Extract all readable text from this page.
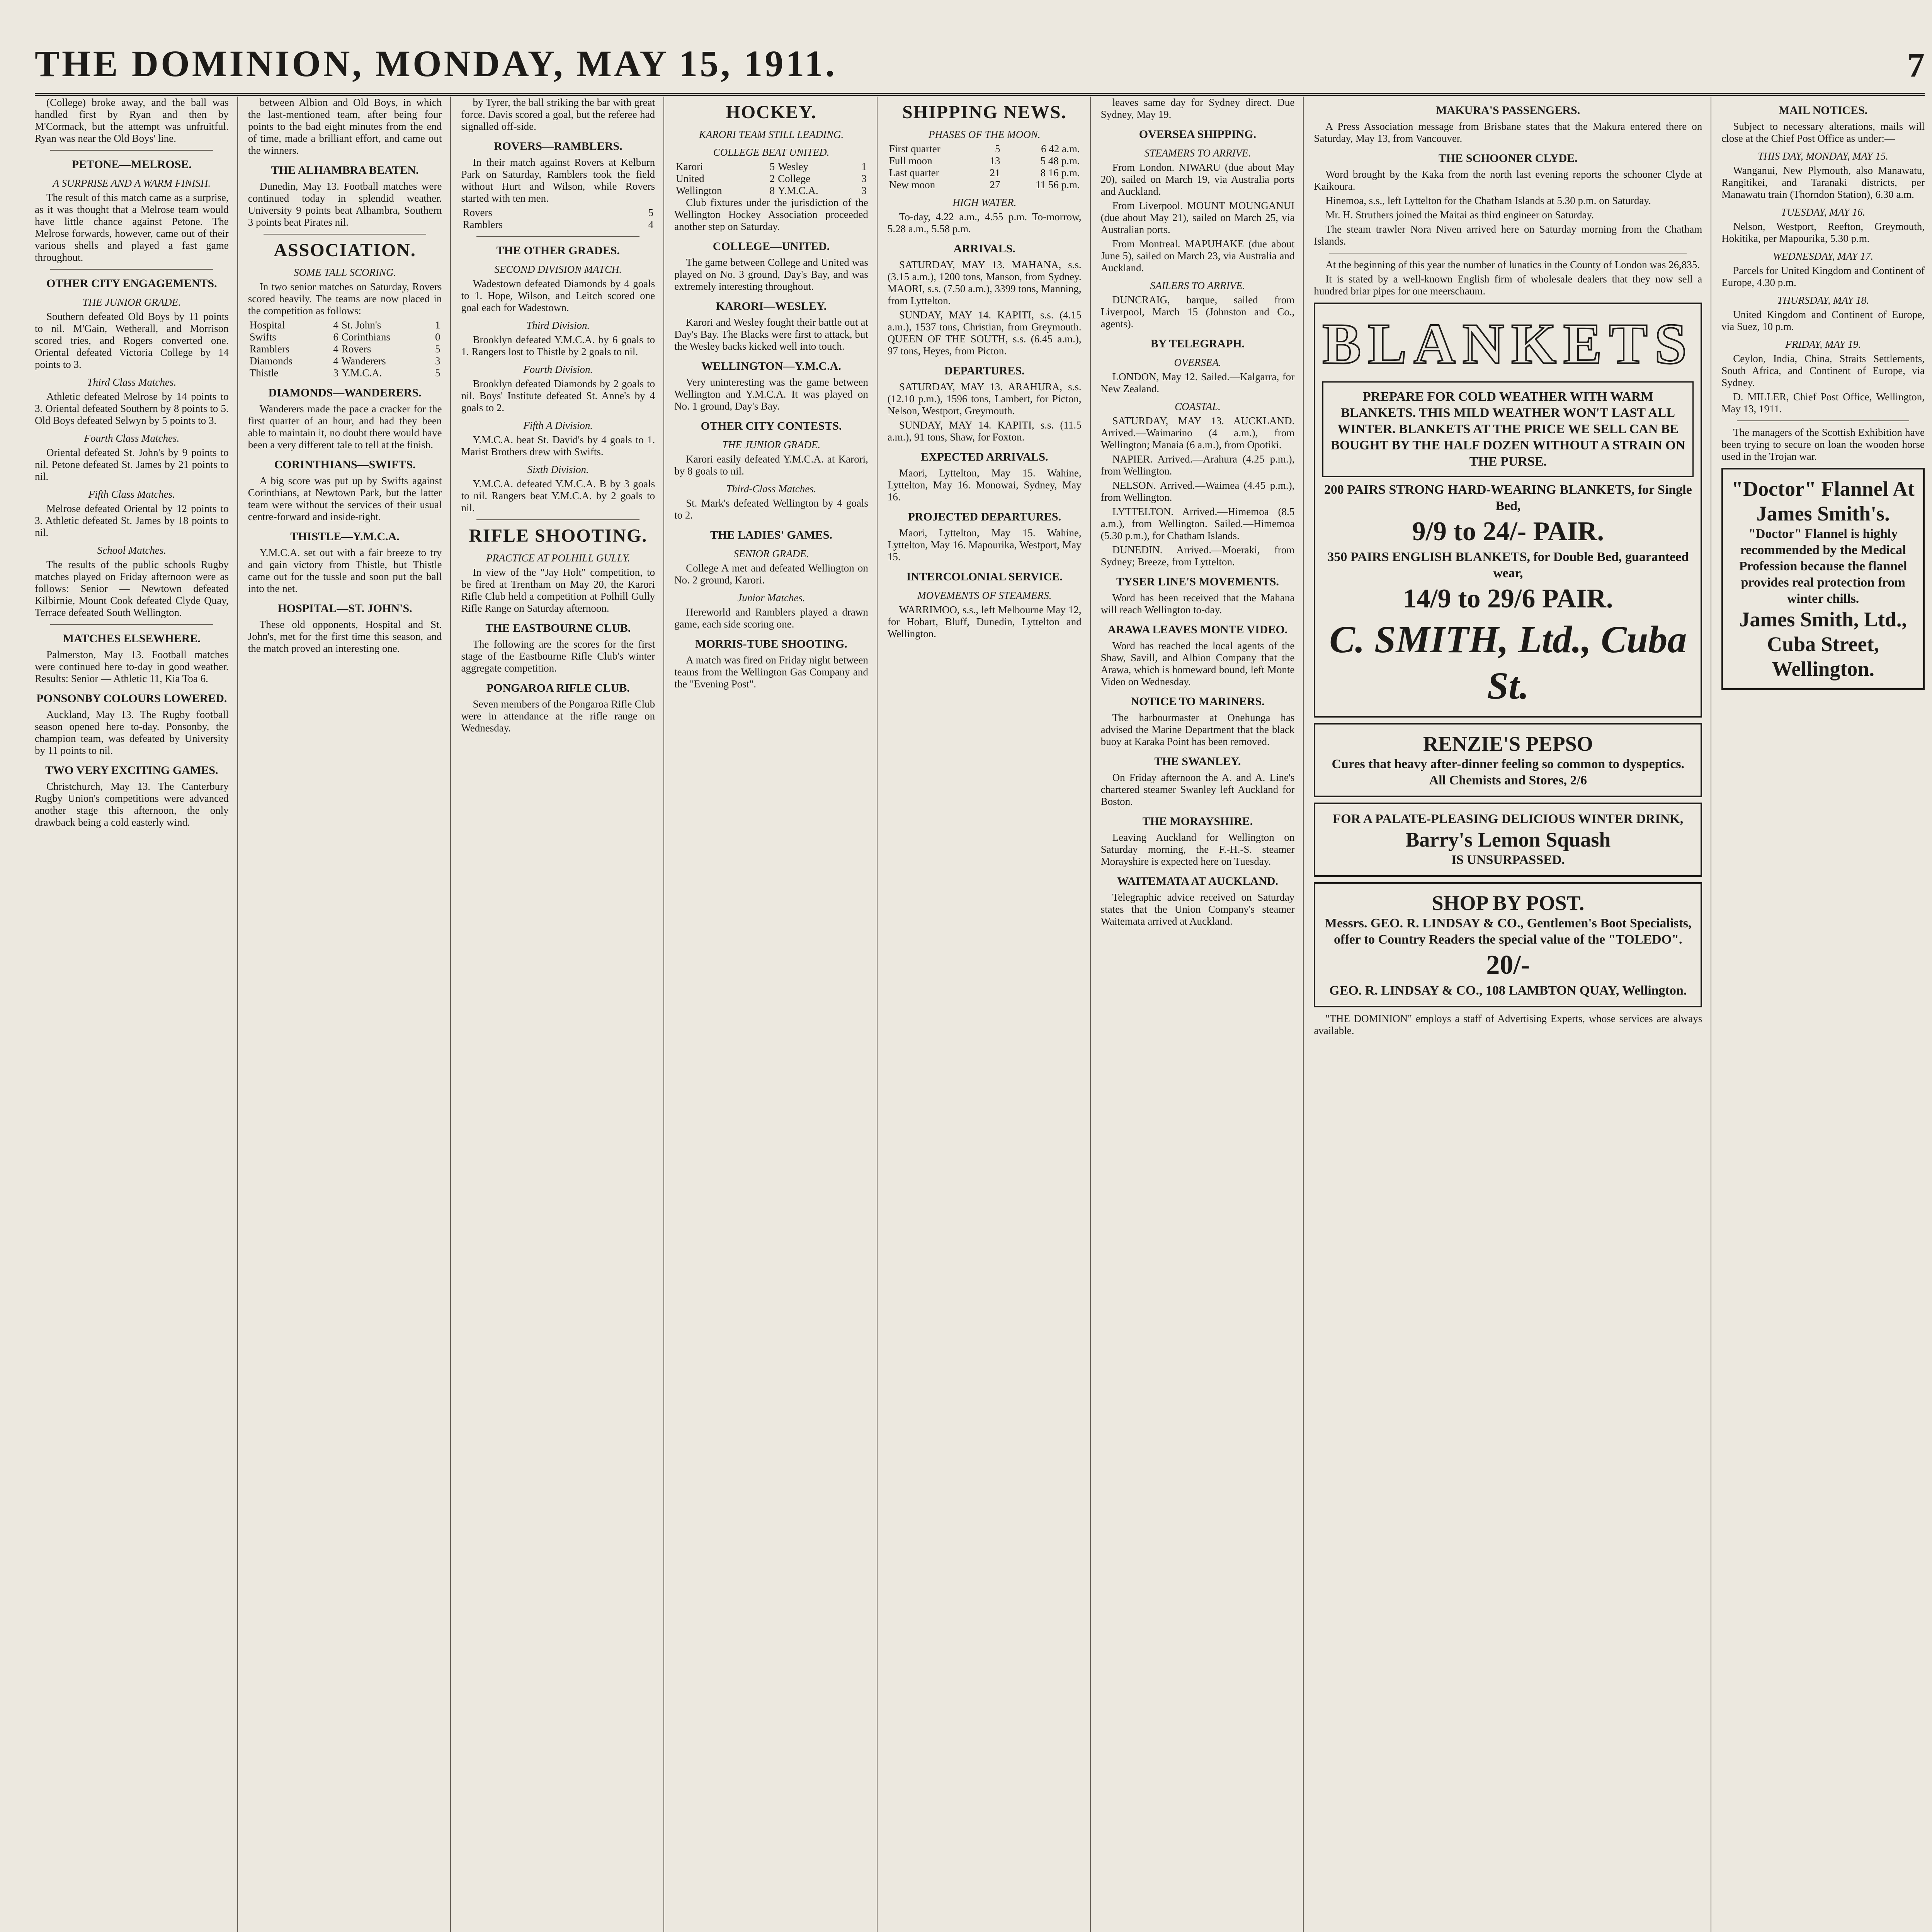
THE DOMINION, MONDAY, MAY 15, 1911.	7

(College) broke away, and the ball was handled first by Ryan and then by M'Cormack, but the attempt was unfruitful. Ryan was near the Old Boys' line.

PETONE—MELROSE.
A SURPRISE AND A WARM FINISH.

The result of this match came as a surprise, as it was thought that a Melrose team would have little chance against Petone. The Melrose forwards, however, came out of their various shells and played a fast game throughout.

OTHER CITY ENGAGEMENTS.
THE JUNIOR GRADE.

Southern defeated Old Boys by 11 points to nil. M'Gain, Wetherall, and Morrison scored tries, and Rogers converted one. Oriental defeated Victoria College by 14 points to 3.

Third Class Matches.

Athletic defeated Melrose by 14 points to 3. Oriental defeated Southern by 8 points to 5. Old Boys defeated Selwyn by 5 points to 3.

Fourth Class Matches.

Oriental defeated St. John's by 9 points to nil. Petone defeated St. James by 21 points to nil.

Fifth Class Matches.

Melrose defeated Oriental by 12 points to 3. Athletic defeated St. James by 18 points to nil.

School Matches.

The results of the public schools Rugby matches played on Friday afternoon were as follows: Senior — Newtown defeated Kilbirnie, Mount Cook defeated Clyde Quay, Terrace defeated South Wellington.

MATCHES ELSEWHERE.

Palmerston, May 13. Football matches were continued here to-day in good weather. Results: Senior — Athletic 11, Kia Toa 6.

PONSONBY COLOURS LOWERED.

Auckland, May 13. The Rugby football season opened here to-day. Ponsonby, the champion team, was defeated by University by 11 points to nil.

TWO VERY EXCITING GAMES.

Christchurch, May 13. The Canterbury Rugby Union's competitions were advanced another stage this afternoon, the only drawback being a cold easterly wind.

between Albion and Old Boys, in which the last-mentioned team, after being four points to the bad eight minutes from the end of time, made a brilliant effort, and came out the winners.

THE ALHAMBRA BEATEN.

Dunedin, May 13. Football matches were continued today in splendid weather. University 9 points beat Alhambra, Southern 3 points beat Pirates nil.

ASSOCIATION.
SOME TALL SCORING.

In two senior matches on Saturday, Rovers scored heavily. The teams are now placed in the competition as follows:

Hospital	4	St. John's	1
Swifts	6	Corinthians	0
Ramblers	4	Rovers	5
Diamonds	4	Wanderers	3
Thistle	3	Y.M.C.A.	5
DIAMONDS—WANDERERS.

Wanderers made the pace a cracker for the first quarter of an hour, and had they been able to maintain it, no doubt there would have been a very different tale to tell at the finish.

CORINTHIANS—SWIFTS.

A big score was put up by Swifts against Corinthians, at Newtown Park, but the latter team were without the services of their usual centre-forward and inside-right.

THISTLE—Y.M.C.A.

Y.M.C.A. set out with a fair breeze to try and gain victory from Thistle, but Thistle came out for the tussle and soon put the ball into the net.

HOSPITAL—ST. JOHN'S.

These old opponents, Hospital and St. John's, met for the first time this season, and the match proved an interesting one.

by Tyrer, the ball striking the bar with great force. Davis scored a goal, but the referee had signalled off-side.

ROVERS—RAMBLERS.

In their match against Rovers at Kelburn Park on Saturday, Ramblers took the field without Hurt and Wilson, while Rovers started with ten men.

Rovers	5
Ramblers	4
THE OTHER GRADES.
SECOND DIVISION MATCH.

Wadestown defeated Diamonds by 4 goals to 1. Hope, Wilson, and Leitch scored one goal each for Wadestown.

Third Division.

Brooklyn defeated Y.M.C.A. by 6 goals to 1. Rangers lost to Thistle by 2 goals to nil.

Fourth Division.

Brooklyn defeated Diamonds by 2 goals to nil. Boys' Institute defeated St. Anne's by 4 goals to 2.

Fifth A Division.

Y.M.C.A. beat St. David's by 4 goals to 1. Marist Brothers drew with Swifts.

Sixth Division.

Y.M.C.A. defeated Y.M.C.A. B by 3 goals to nil. Rangers beat Y.M.C.A. by 2 goals to nil.

RIFLE SHOOTING.
PRACTICE AT POLHILL GULLY.

In view of the "Jay Holt" competition, to be fired at Trentham on May 20, the Karori Rifle Club held a competition at Polhill Gully Rifle Range on Saturday afternoon.

THE EASTBOURNE CLUB.

The following are the scores for the first stage of the Eastbourne Rifle Club's winter aggregate competition.

PONGAROA RIFLE CLUB.

Seven members of the Pongaroa Rifle Club were in attendance at the rifle range on Wednesday.

HOCKEY.
KARORI TEAM STILL LEADING.
COLLEGE BEAT UNITED.
Karori	5	Wesley	1
United	2	College	3
Wellington	8	Y.M.C.A.	3

Club fixtures under the jurisdiction of the Wellington Hockey Association proceeded another step on Saturday.

COLLEGE—UNITED.

The game between College and United was played on No. 3 ground, Day's Bay, and was extremely interesting throughout.

KARORI—WESLEY.

Karori and Wesley fought their battle out at Day's Bay. The Blacks were first to attack, but the Wesley backs kicked well into touch.

WELLINGTON—Y.M.C.A.

Very uninteresting was the game between Wellington and Y.M.C.A. It was played on No. 1 ground, Day's Bay.

OTHER CITY CONTESTS.
THE JUNIOR GRADE.

Karori easily defeated Y.M.C.A. at Karori, by 8 goals to nil.

Third-Class Matches.

St. Mark's defeated Wellington by 4 goals to 2.

THE LADIES' GAMES.
SENIOR GRADE.

College A met and defeated Wellington on No. 2 ground, Karori.

Junior Matches.

Hereworld and Ramblers played a drawn game, each side scoring one.

MORRIS-TUBE SHOOTING.

A match was fired on Friday night between teams from the Wellington Gas Company and the "Evening Post".

SHIPPING NEWS.
PHASES OF THE MOON.
First quarter	5	6 42 a.m.
Full moon	13	5 48 p.m.
Last quarter	21	8 16 p.m.
New moon	27	11 56 p.m.
HIGH WATER.

To-day, 4.22 a.m., 4.55 p.m. To-morrow, 5.28 a.m., 5.58 p.m.

ARRIVALS.

SATURDAY, MAY 13. MAHANA, s.s. (3.15 a.m.), 1200 tons, Manson, from Sydney. MAORI, s.s. (7.50 a.m.), 3399 tons, Manning, from Lyttelton.

SUNDAY, MAY 14. KAPITI, s.s. (4.15 a.m.), 1537 tons, Christian, from Greymouth. QUEEN OF THE SOUTH, s.s. (6.45 a.m.), 97 tons, Heyes, from Picton.

DEPARTURES.

SATURDAY, MAY 13. ARAHURA, s.s. (12.10 p.m.), 1596 tons, Lambert, for Picton, Nelson, Westport, Greymouth.

SUNDAY, MAY 14. KAPITI, s.s. (11.5 a.m.), 91 tons, Shaw, for Foxton.

EXPECTED ARRIVALS.

Maori, Lyttelton, May 15. Wahine, Lyttelton, May 16. Monowai, Sydney, May 16.

PROJECTED DEPARTURES.

Maori, Lyttelton, May 15. Wahine, Lyttelton, May 16. Mapourika, Westport, May 15.

INTERCOLONIAL SERVICE.
MOVEMENTS OF STEAMERS.

WARRIMOO, s.s., left Melbourne May 12, for Hobart, Bluff, Dunedin, Lyttelton and Wellington.

leaves same day for Sydney direct. Due Sydney, May 19.

OVERSEA SHIPPING.
STEAMERS TO ARRIVE.

From London. NIWARU (due about May 20), sailed on March 19, via Australia ports and Auckland.

From Liverpool. MOUNT MOUNGANUI (due about May 21), sailed on March 25, via Australian ports.

From Montreal. MAPUHAKE (due about June 5), sailed on March 23, via Australia and Auckland.

SAILERS TO ARRIVE.

DUNCRAIG, barque, sailed from Liverpool, March 15 (Johnston and Co., agents).

BY TELEGRAPH.
OVERSEA.

LONDON, May 12. Sailed.—Kalgarra, for New Zealand.

COASTAL.

SATURDAY, MAY 13. AUCKLAND. Arrived.—Waimarino (4 a.m.), from Wellington; Manaia (6 a.m.), from Opotiki.

NAPIER. Arrived.—Arahura (4.25 p.m.), from Wellington.

NELSON. Arrived.—Waimea (4.45 p.m.), from Wellington.

LYTTELTON. Arrived.—Himemoa (8.5 a.m.), from Wellington. Sailed.—Himemoa (5.30 p.m.), for Chatham Islands.

DUNEDIN. Arrived.—Moeraki, from Sydney; Breeze, from Lyttelton.

TYSER LINE'S MOVEMENTS.

Word has been received that the Mahana will reach Wellington to-day.

ARAWA LEAVES MONTE VIDEO.

Word has reached the local agents of the Shaw, Savill, and Albion Company that the Arawa, which is homeward bound, left Monte Video on Wednesday.

NOTICE TO MARINERS.

The harbourmaster at Onehunga has advised the Marine Department that the black buoy at Karaka Point has been removed.

THE SWANLEY.

On Friday afternoon the A. and A. Line's chartered steamer Swanley left Auckland for Boston.

THE MORAYSHIRE.

Leaving Auckland for Wellington on Saturday morning, the F.-H.-S. steamer Morayshire is expected here on Tuesday.

WAITEMATA AT AUCKLAND.

Telegraphic advice received on Saturday states that the Union Company's steamer Waitemata arrived at Auckland.

MAKURA'S PASSENGERS.

A Press Association message from Brisbane states that the Makura entered there on Saturday, May 13, from Vancouver.

THE SCHOONER CLYDE.

Word brought by the Kaka from the north last evening reports the schooner Clyde at Kaikoura.

Hinemoa, s.s., left Lyttelton for the Chatham Islands at 5.30 p.m. on Saturday.

Mr. H. Struthers joined the Maitai as third engineer on Saturday.

The steam trawler Nora Niven arrived here on Saturday morning from the Chatham Islands.

At the beginning of this year the number of lunatics in the County of London was 26,835.

It is stated by a well-known English firm of wholesale dealers that they now sell a hundred briar pipes for one meerschaum.

BLANKETS
PREPARE FOR COLD WEATHER WITH WARM BLANKETS. THIS MILD WEATHER WON'T LAST ALL WINTER. BLANKETS AT THE PRICE WE SELL CAN BE BOUGHT BY THE HALF DOZEN WITHOUT A STRAIN ON THE PURSE.
200 PAIRS STRONG HARD-WEARING BLANKETS, for Single Bed,
9/9 to 24/- PAIR.
350 PAIRS ENGLISH BLANKETS, for Double Bed, guaranteed wear,
14/9 to 29/6 PAIR.
C. SMITH, Ltd., Cuba St.
RENZIE'S PEPSO
Cures that heavy after-dinner feeling so common to dyspeptics.
All Chemists and Stores, 2/6
FOR A PALATE-PLEASING DELICIOUS WINTER DRINK,
Barry's Lemon Squash
IS UNSURPASSED.
SHOP BY POST.
Messrs. GEO. R. LINDSAY & CO., Gentlemen's Boot Specialists, offer to Country Readers the special value of the "TOLEDO".
20/-
GEO. R. LINDSAY & CO., 108 LAMBTON QUAY, Wellington.

"THE DOMINION" employs a staff of Advertising Experts, whose services are always available.

MAIL NOTICES.

Subject to necessary alterations, mails will close at the Chief Post Office as under:—

THIS DAY, MONDAY, MAY 15.

Wanganui, New Plymouth, also Manawatu, Rangitikei, and Taranaki districts, per Manawatu train (Thorndon Station), 6.30 a.m.

TUESDAY, MAY 16.

Nelson, Westport, Reefton, Greymouth, Hokitika, per Mapourika, 5.30 p.m.

WEDNESDAY, MAY 17.

Parcels for United Kingdom and Continent of Europe, 4.30 p.m.

THURSDAY, MAY 18.

United Kingdom and Continent of Europe, via Suez, 10 p.m.

FRIDAY, MAY 19.

Ceylon, India, China, Straits Settlements, South Africa, and Continent of Europe, via Sydney.

D. MILLER, Chief Post Office, Wellington, May 13, 1911.

The managers of the Scottish Exhibition have been trying to secure on loan the wooden horse used in the Trojan war.

"Doctor" Flannel At James Smith's.
"Doctor" Flannel is highly recommended by the Medical Profession because the flannel provides real protection from winter chills.
James Smith, Ltd., Cuba Street, Wellington.
